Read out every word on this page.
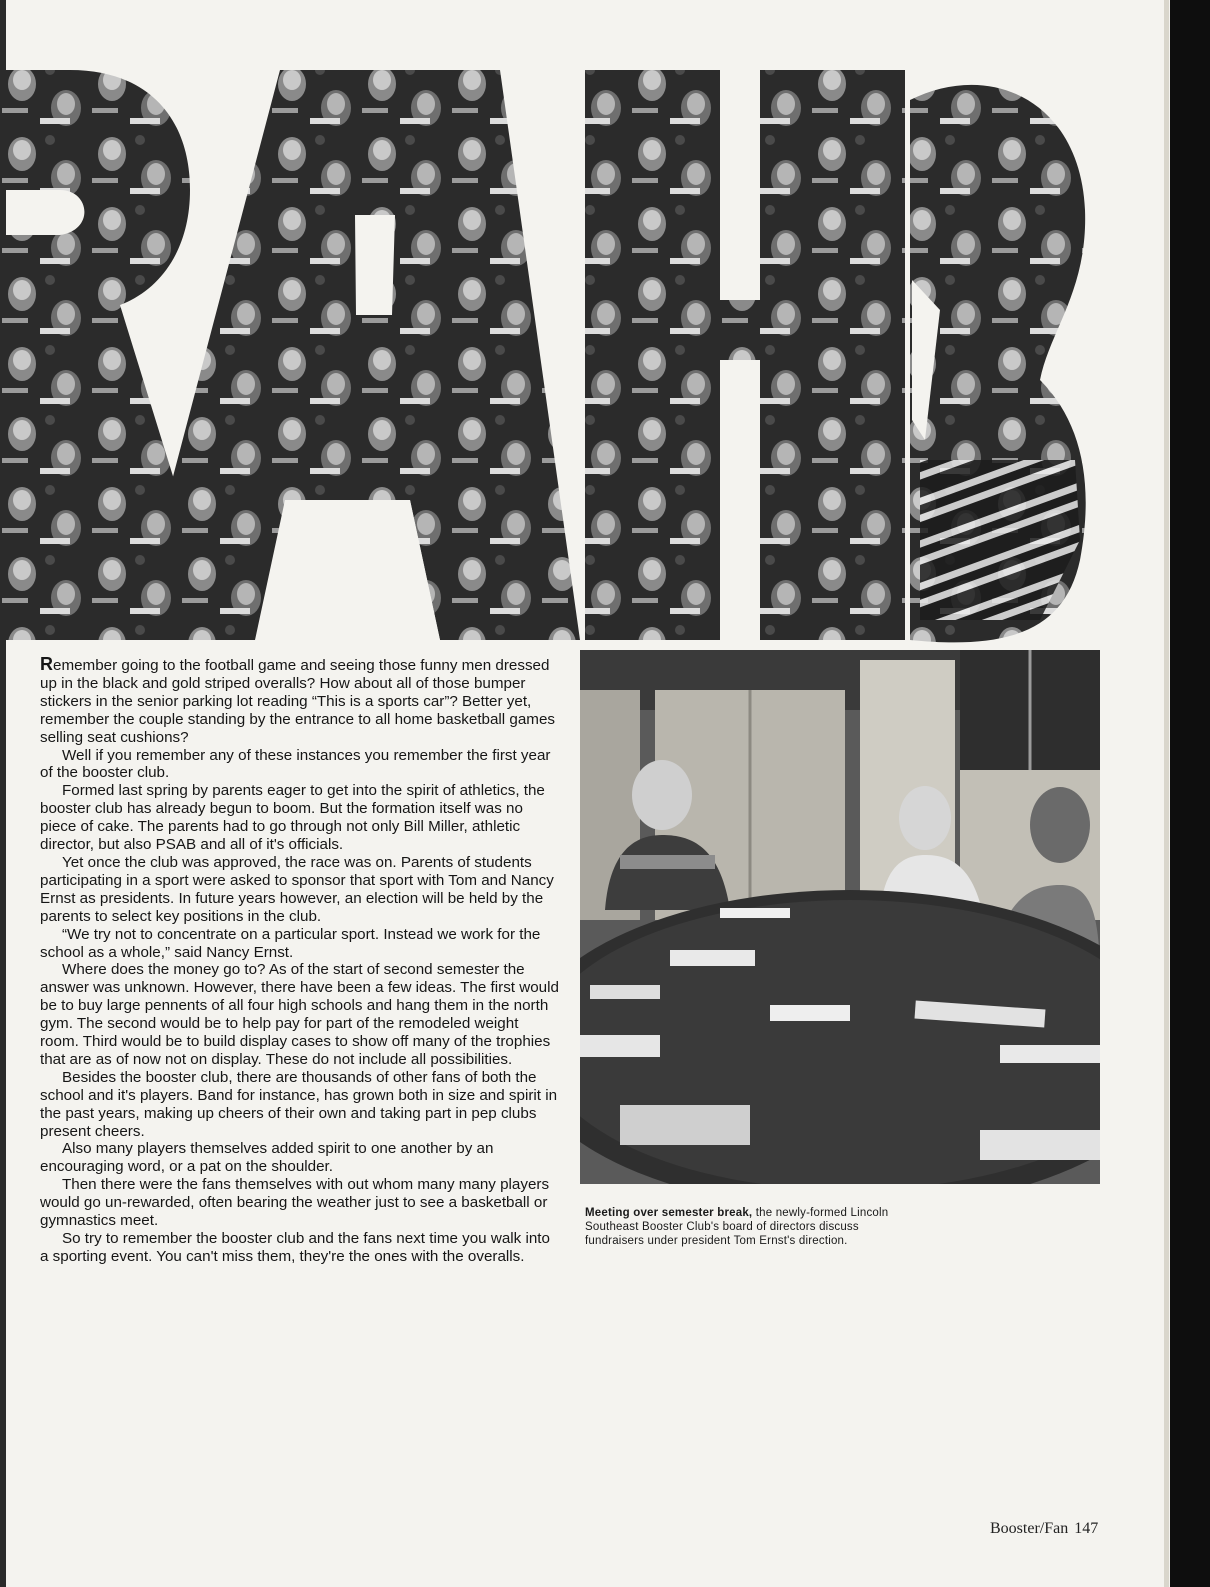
Remember going to the football game and seeing those funny men dressed up in the black and gold striped overalls? How about all of those bumper stickers in the senior parking lot reading “This is a sports car”? Better yet, remember the couple standing by the entrance to all home basketball games selling seat cushions?

Well if you remember any of these instances you remember the first year of the booster club.

Formed last spring by parents eager to get into the spirit of athletics, the booster club has already begun to boom. But the formation itself was no piece of cake. The parents had to go through not only Bill Miller, athletic director, but also PSAB and all of it's officials.

Yet once the club was approved, the race was on. Parents of students participating in a sport were asked to sponsor that sport with Tom and Nancy Ernst as presidents. In future years however, an election will be held by the parents to select key positions in the club.

“We try not to concentrate on a particular sport. Instead we work for the school as a whole,” said Nancy Ernst.

Where does the money go to? As of the start of second semester the answer was unknown. However, there have been a few ideas. The first would be to buy large pennents of all four high schools and hang them in the north gym. The second would be to help pay for part of the remodeled weight room. Third would be to build display cases to show off many of the trophies that are as of now not on display. These do not include all possibilities.

Besides the booster club, there are thousands of other fans of both the school and it's players. Band for instance, has grown both in size and spirit in the past years, making up cheers of their own and taking part in pep clubs present cheers.

Also many players themselves added spirit to one another by an encouraging word, or a pat on the shoulder.

Then there were the fans themselves with out whom many many players would go un-rewarded, often bearing the weather just to see a basketball or gymnastics meet.

So try to remember the booster club and the fans next time you walk into a sporting event. You can't miss them, they're the ones with the overalls.

Meeting over semester break, the newly-formed Lincoln Southeast Booster Club's board of directors discuss fundraisers under president Tom Ernst's direction.
Booster/Fan 147
